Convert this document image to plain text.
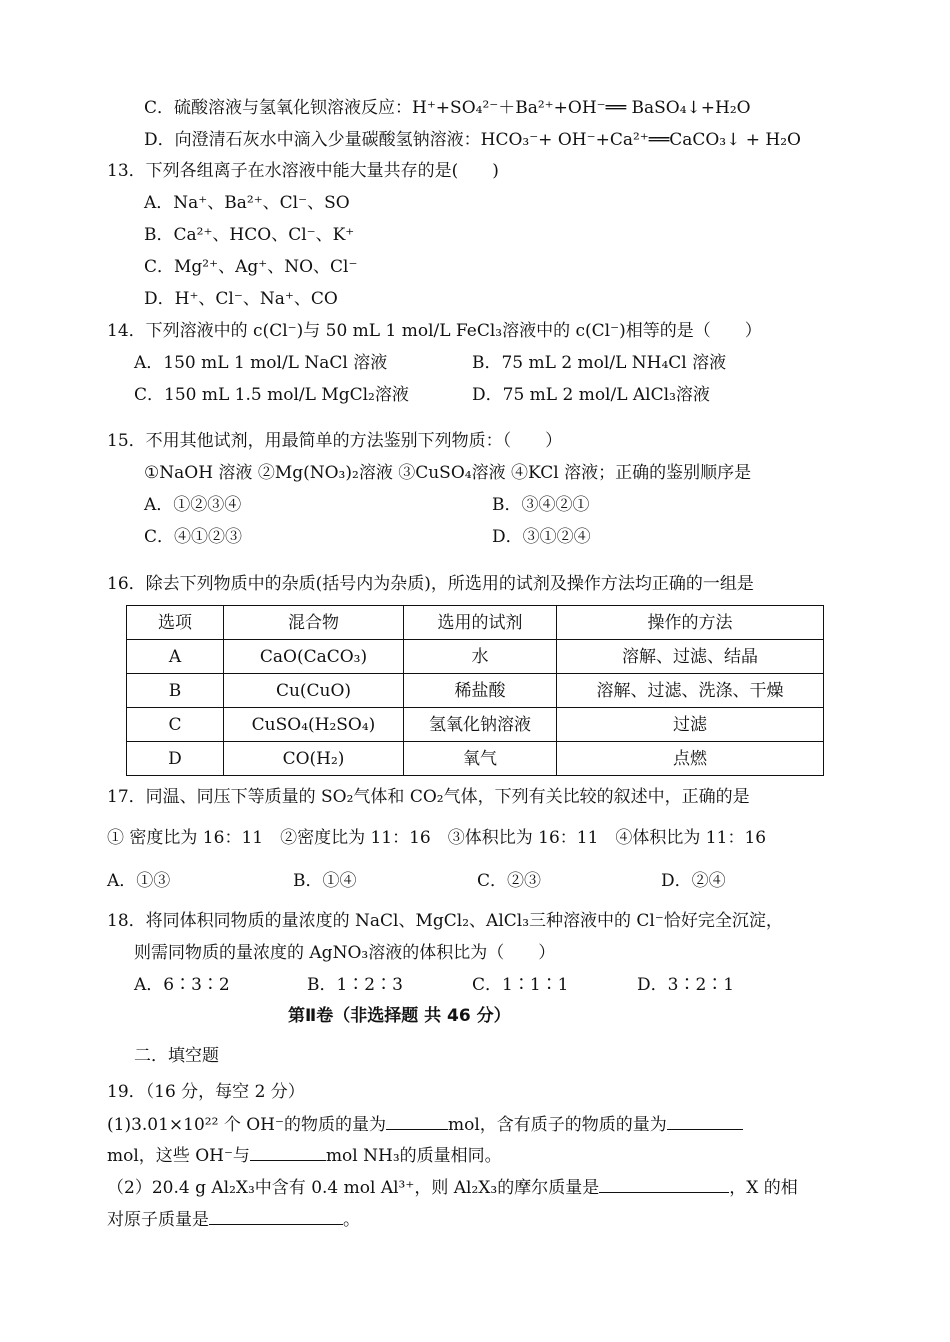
C．硫酸溶液与氢氧化钡溶液反应：H⁺+SO₄²⁻＋Ba²⁺+OH⁻══ BaSO₄↓+H₂O
D．向澄清石灰水中滴入少量碳酸氢钠溶液：HCO₃⁻+ OH⁻+Ca²⁺══CaCO₃↓ + H₂O
13．下列各组离子在水溶液中能大量共存的是(　　)
A．Na⁺、Ba²⁺、Cl⁻、SO
B．Ca²⁺、HCO、Cl⁻、K⁺
C．Mg²⁺、Ag⁺、NO、Cl⁻
D．H⁺、Cl⁻、Na⁺、CO
14．下列溶液中的 c(Cl⁻)与 50 mL 1 mol/L FeCl₃溶液中的 c(Cl⁻)相等的是（　　）
A．150 mL 1 mol/L NaCl 溶液	B．75 mL 2 mol/L NH₄Cl 溶液
C．150 mL 1.5 mol/L MgCl₂溶液	D．75 mL 2 mol/L AlCl₃溶液
15．不用其他试剂，用最简单的方法鉴别下列物质：（　　）
①NaOH 溶液 ②Mg(NO₃)₂溶液 ③CuSO₄溶液 ④KCl 溶液；正确的鉴别顺序是
A．①②③④	B．③④②①
C．④①②③	D．③①②④
16．除去下列物质中的杂质(括号内为杂质)，所选用的试剂及操作方法均正确的一组是
选项	混合物	选用的试剂	操作的方法
A	CaO(CaCO₃)	水	溶解、过滤、结晶
B	Cu(CuO)	稀盐酸	溶解、过滤、洗涤、干燥
C	CuSO₄(H₂SO₄)	氢氧化钠溶液	过滤
D	CO(H₂)	氧气	点燃
17．同温、同压下等质量的 SO₂气体和 CO₂气体，下列有关比较的叙述中，正确的是
① 密度比为 16：11　②密度比为 11：16　③体积比为 16：11　④体积比为 11：16
A．①③	B．①④	C．②③	D．②④
18．将同体积同物质的量浓度的 NaCl、MgCl₂、AlCl₃三种溶液中的 Cl⁻恰好完全沉淀，
则需同物质的量浓度的 AgNO₃溶液的体积比为（　　）
A．6∶3∶2	B．1∶2∶3	C．1∶1∶1	D．3∶2∶1
第Ⅱ卷（非选择题 共 46 分）
二．填空题
19．（16 分，每空 2 分）
(1)3.01×10²² 个 OH⁻的物质的量为	mol，含有质子的物质的量为
mol，这些 OH⁻与	mol NH₃的质量相同。
（2）20.4 g Al₂X₃中含有 0.4 mol Al³⁺，则 Al₂X₃的摩尔质量是	，X 的相
对原子质量是	。
